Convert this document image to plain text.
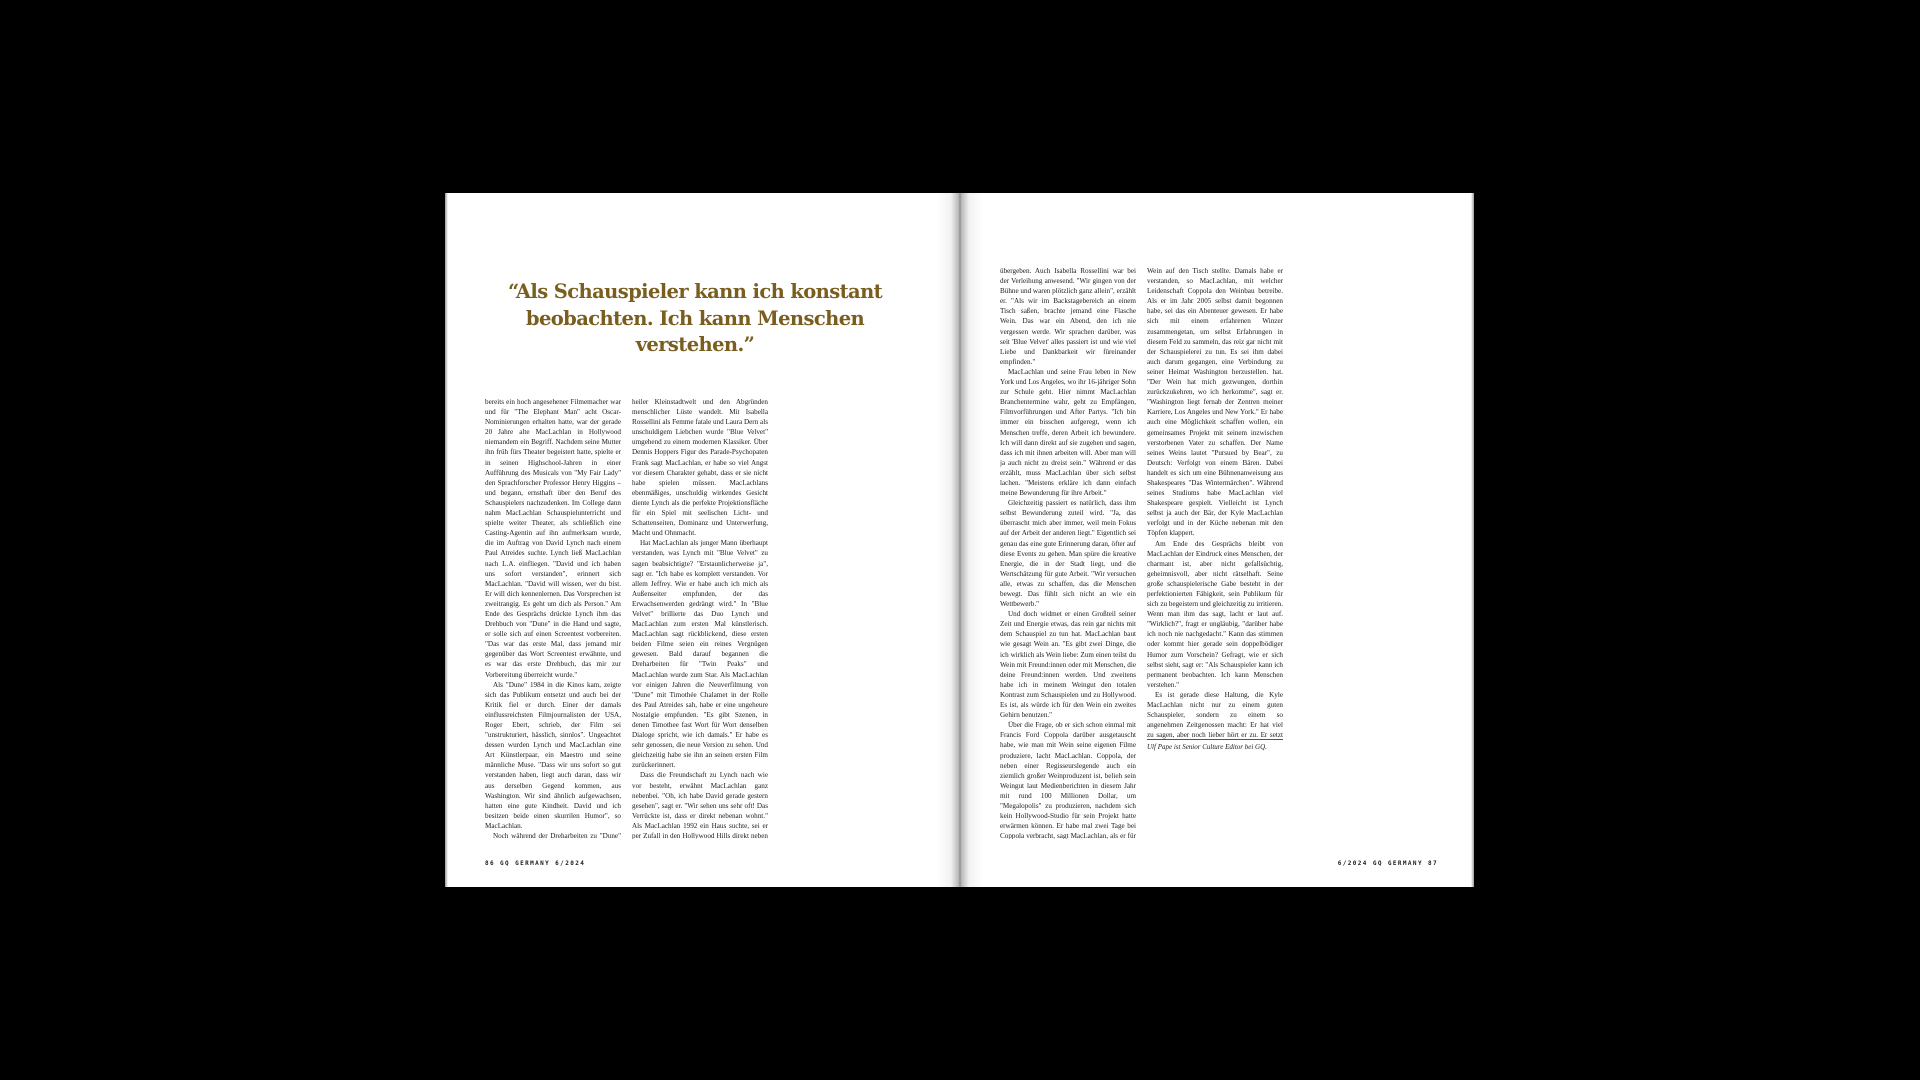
“Als Schauspieler kann ich konstant beobachten. Ich kann Menschen verstehen.”

bereits ein hoch angesehener Filmemacher war und für "The Elephant Man" acht Oscar-Nominierungen erhalten hatte, war der gerade 20 Jahre alte MacLachlan in Hollywood niemandem ein Begriff. Nachdem seine Mutter ihn früh fürs Theater begeistert hatte, spielte er in seinen Highschool-Jahren in einer Aufführung des Musicals von "My Fair Lady" den Sprachforscher Professor Henry Higgins – und begann, ernsthaft über den Beruf des Schauspielers nachzudenken. Im College dann nahm MacLachlan Schauspielunterricht und spielte weiter Theater, als schließlich eine Casting-Agentin auf ihn aufmerksam wurde, die im Auftrag von David Lynch nach einem Paul Atreides suchte. Lynch ließ MacLachlan nach L.A. einfliegen. "David und ich haben uns sofort verstanden", erinnert sich MacLachlan. "David will wissen, wer du bist. Er will dich kennenlernen. Das Vorsprechen ist zweitrangig. Es geht um dich als Person." Am Ende des Gesprächs drückte Lynch ihm das Drehbuch von "Dune" in die Hand und sagte, er solle sich auf einen Screentest vorbereiten. "Das war das erste Mal, dass jemand mir gegenüber das Wort Screentest erwähnte, und es war das erste Drehbuch, das mir zur Vorbereitung überreicht wurde."

Als "Dune" 1984 in die Kinos kam, zeigte sich das Publikum entsetzt und auch bei der Kritik fiel er durch. Einer der damals einflussreichsten Filmjournalisten der USA, Roger Ebert, schrieb, der Film sei "unstrukturiert, hässlich, sinnlos". Ungeachtet dessen wurden Lynch und MacLachlan eine Art Künstlerpaar, ein Maestro und seine männliche Muse. "Dass wir uns sofort so gut verstanden haben, liegt auch daran, dass wir aus derselben Gegend kommen, aus Washington. Wir sind ähnlich aufgewachsen, hatten eine gute Kindheit. David und ich besitzen beide einen skurrilen Humor", so MacLachlan.

Noch während der Dreharbeiten zu "Dune"

heiler Kleinstadtwelt und den Abgründen menschlicher Lüste wandelt. Mit Isabella Rossellini als Femme fatale und Laura Dern als unschuldigem Liebchen wurde "Blue Velvet" umgehend zu einem modernen Klassiker. Über Dennis Hoppers Figur des Parade-Psychopaten Frank sagt MacLachlan, er habe so viel Angst vor diesem Charakter gehabt, dass er sie nicht habe spielen müssen. MacLachlans ebenmäßiges, unschuldig wirkendes Gesicht diente Lynch als die perfekte Projektionsfläche für ein Spiel mit seelischen Licht- und Schattenseiten, Dominanz und Unterwerfung, Macht und Ohnmacht.

Hat MacLachlan als junger Mann überhaupt verstanden, was Lynch mit "Blue Velvet" zu sagen beabsichtigte? "Erstaunlicherweise ja", sagt er. "Ich habe es komplett verstanden. Vor allem Jeffrey. Wie er habe auch ich mich als Außenseiter empfunden, der das Erwachsenwerden gedrängt wird." In "Blue Velvet" brillierte das Duo Lynch und MacLachlan zum ersten Mal künstlerisch. MacLachlan sagt rückblickend, diese ersten beiden Filme seien ein reines Vergnügen gewesen. Bald darauf begannen die Dreharbeiten für "Twin Peaks" und MacLachlan wurde zum Star. Als MacLachlan vor einigen Jahren die Neuverfilmung von "Dune" mit Timothée Chalamet in der Rolle des Paul Atreides sah, habe er eine ungeheure Nostalgie empfunden. "Es gibt Szenen, in denen Timothee fast Wort für Wort denselben Dialoge spricht, wie ich damals." Er habe es sehr genossen, die neue Version zu sehen. Und gleichzeitig habe sie ihn an seinen ersten Film zurückerinnert.

Dass die Freundschaft zu Lynch nach wie vor besteht, erwähnt MacLachlan ganz nebenbei. "Oh, ich habe David gerade gestern gesehen", sagt er. "Wir sehen uns sehr oft! Das Verrückte ist, dass er direkt nebenan wohnt." Als MacLachlan 1992 ein Haus suchte, sei er per Zufall in den Hollywood Hills direkt neben

86 GQ GERMANY 6/2024

übergeben. Auch Isabella Rossellini war bei der Verleihung anwesend. "Wir gingen von der Bühne und waren plötzlich ganz allein", erzählt er. "Als wir im Backstagebereich an einem Tisch saßen, brachte jemand eine Flasche Wein. Das war ein Abend, den ich nie vergessen werde. Wir sprachen darüber, was seit 'Blue Velvet' alles passiert ist und wie viel Liebe und Dankbarkeit wir füreinander empfinden."

MacLachlan und seine Frau leben in New York und Los Angeles, wo ihr 16-jähriger Sohn zur Schule geht. Hier nimmt MacLachlan Branchentermine wahr, geht zu Empfängen, Filmvorführungen und After Partys. "Ich bin immer ein bisschen aufgeregt, wenn ich Menschen treffe, deren Arbeit ich bewundere. Ich will dann direkt auf sie zugehen und sagen, dass ich mit ihnen arbeiten will. Aber man will ja auch nicht zu dreist sein." Während er das erzählt, muss MacLachlan über sich selbst lachen. "Meistens erkläre ich dann einfach meine Bewunderung für ihre Arbeit."

Gleichzeitig passiert es natürlich, dass ihm selbst Bewunderung zuteil wird. "Ja, das überrascht mich aber immer, weil mein Fokus auf der Arbeit der anderen liegt." Eigentlich sei genau das eine gute Erinnerung daran, öfter auf diese Events zu gehen. Man spüre die kreative Energie, die in der Stadt liegt, und die Wertschätzung für gute Arbeit. "Wir versuchen alle, etwas zu schaffen, das die Menschen bewegt. Das fühlt sich nicht an wie ein Wettbewerb."

Und doch widmet er einen Großteil seiner Zeit und Energie etwas, das rein gar nichts mit dem Schauspiel zu tun hat. MacLachlan baut wie gesagt Wein an. "Es gibt zwei Dinge, die ich wirklich als Wein liebe: Zum einen teilst du Wein mit Freund:innen oder mit Menschen, die deine Freund:innen werden. Und zweitens habe ich in meinem Weingut den totalen Kontrast zum Schauspielen und zu Hollywood. Es ist, als würde ich für den Wein ein zweites Gehirn benutzen."

Über die Frage, ob er sich schon einmal mit Francis Ford Coppola darüber ausgetauscht habe, wie man mit Wein seine eigenen Filme produziere, lacht MacLachlan. Coppola, der neben einer Regisseurslegende auch ein ziemlich großer Weinproduzent ist, belieh sein Weingut laut Medienberichten in diesem Jahr mit rund 100 Millionen Dollar, um "Megalopolis" zu produzieren, nachdem sich kein Hollywood-Studio für sein Projekt hatte erwärmen können. Er habe mal zwei Tage bei Coppola verbracht, sagt MacLachlan, als er für

Wein auf den Tisch stellte. Damals habe er verstanden, so MacLachlan, mit welcher Leidenschaft Coppola den Weinbau betreibe. Als er im Jahr 2005 selbst damit begonnen habe, sei das ein Abenteuer gewesen. Er habe sich mit einem erfahrenen Winzer zusammengetan, um selbst Erfahrungen in diesem Feld zu sammeln, das reiz gar nicht mit der Schauspielerei zu tun. Es sei ihm dabei auch darum gegangen, eine Verbindung zu seiner Heimat Washington herzustellen. hat. "Der Wein hat mich gezwungen, dorthin zurückzukehren, wo ich herkomme", sagt er. "Washington liegt fernab der Zentren meiner Karriere, Los Angeles und New York." Er habe auch eine Möglichkeit schaffen wollen, ein gemeinsames Projekt mit seinem inzwischen verstorbenen Vater zu schaffen. Der Name seines Weins lautet "Pursued by Bear", zu Deutsch: Verfolgt von einem Bären. Dabei handelt es sich um eine Bühnenanweisung aus Shakespeares "Das Wintermärchen". Während seines Studiums habe MacLachlan viel Shakespeare gespielt. Vielleicht ist Lynch selbst ja auch der Bär, der Kyle MacLachlan verfolgt und in der Küche nebenan mit den Töpfen klappert.

Am Ende des Gesprächs bleibt von MacLachlan der Eindruck eines Menschen, der charmant ist, aber nicht gefallsüchtig, geheimnisvoll, aber nicht rätselhaft. Seine große schauspielerische Gabe besteht in der perfektionierten Fähigkeit, sein Publikum für sich zu begeistern und gleichzeitig zu irritieren. Wenn man ihm das sagt, lacht er laut auf. "Wirklich?", fragt er ungläubig, "darüber habe ich noch nie nachgedacht." Kann das stimmen oder kommt hier gerade sein doppelbödiger Humor zum Vorschein? Gefragt, wie er sich selbst sieht, sagt er: "Als Schauspieler kann ich permanent beobachten. Ich kann Menschen verstehen."

Es ist gerade diese Haltung, die Kyle MacLachlan nicht nur zu einem guten Schauspieler, sondern zu einem so angenehmen Zeitgenossen macht: Er hat viel zu sagen, aber noch lieber hört er zu. Er setzt

Ulf Pape ist Senior Culture Editor bei GQ.
6/2024 GQ GERMANY 87
